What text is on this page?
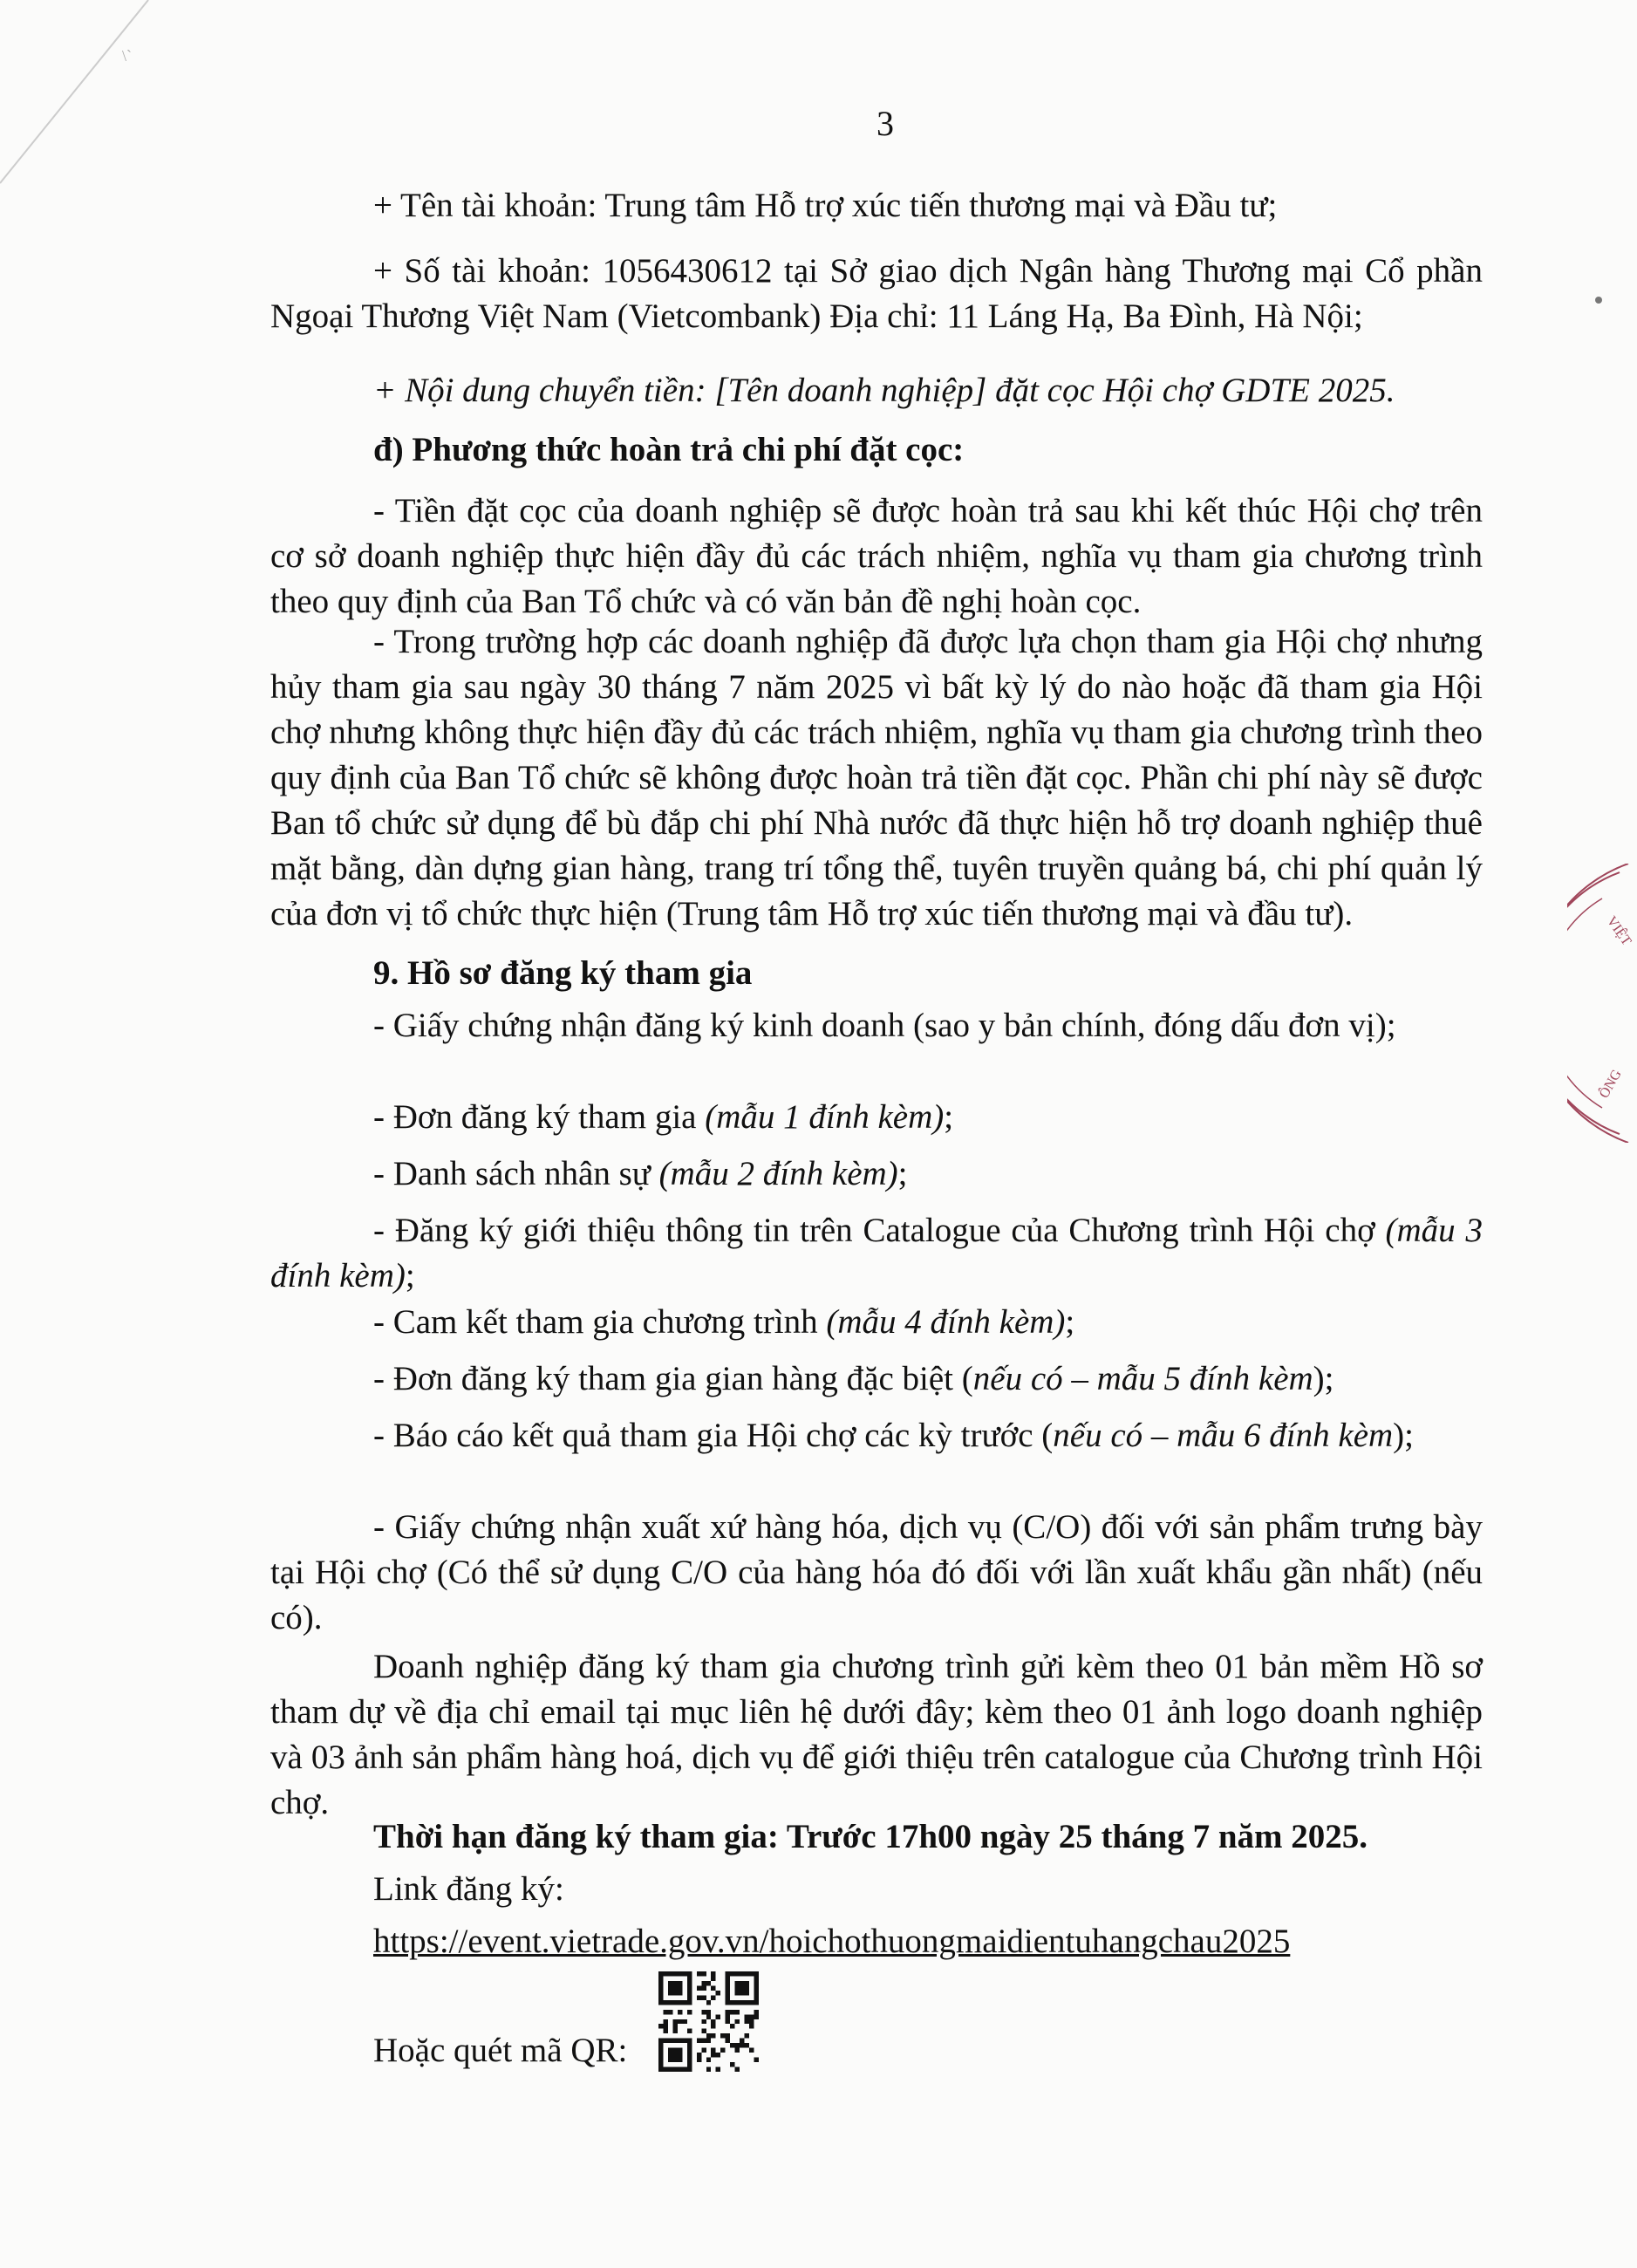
\`
3
+ Tên tài khoản: Trung tâm Hỗ trợ xúc tiến thương mại và Đầu tư;
+ Số tài khoản: 1056430612 tại Sở giao dịch Ngân hàng Thương mại Cổ phần Ngoại Thương Việt Nam (Vietcombank) Địa chỉ: 11 Láng Hạ, Ba Đình, Hà Nội;
+ Nội dung chuyển tiền: [Tên doanh nghiệp] đặt cọc Hội chợ GDTE 2025.
đ) Phương thức hoàn trả chi phí đặt cọc:
- Tiền đặt cọc của doanh nghiệp sẽ được hoàn trả sau khi kết thúc Hội chợ trên cơ sở doanh nghiệp thực hiện đầy đủ các trách nhiệm, nghĩa vụ tham gia chương trình theo quy định của Ban Tổ chức và có văn bản đề nghị hoàn cọc.
- Trong trường hợp các doanh nghiệp đã được lựa chọn tham gia Hội chợ nhưng hủy tham gia sau ngày 30 tháng 7 năm 2025 vì bất kỳ lý do nào hoặc đã tham gia Hội chợ nhưng không thực hiện đầy đủ các trách nhiệm, nghĩa vụ tham gia chương trình theo quy định của Ban Tổ chức sẽ không được hoàn trả tiền đặt cọc. Phần chi phí này sẽ được Ban tổ chức sử dụng để bù đắp chi phí Nhà nước đã thực hiện hỗ trợ doanh nghiệp thuê mặt bằng, dàn dựng gian hàng, trang trí tổng thể, tuyên truyền quảng bá, chi phí quản lý của đơn vị tổ chức thực hiện (Trung tâm Hỗ trợ xúc tiến thương mại và đầu tư).
9. Hồ sơ đăng ký tham gia
- Giấy chứng nhận đăng ký kinh doanh (sao y bản chính, đóng dấu đơn vị);
- Đơn đăng ký tham gia (mẫu 1 đính kèm);
- Danh sách nhân sự (mẫu 2 đính kèm);
- Đăng ký giới thiệu thông tin trên Catalogue của Chương trình Hội chợ (mẫu 3 đính kèm);
- Cam kết tham gia chương trình (mẫu 4 đính kèm);
- Đơn đăng ký tham gia gian hàng đặc biệt (nếu có – mẫu 5 đính kèm);
- Báo cáo kết quả tham gia Hội chợ các kỳ trước (nếu có – mẫu 6 đính kèm);
- Giấy chứng nhận xuất xứ hàng hóa, dịch vụ (C/O) đối với sản phẩm trưng bày tại Hội chợ (Có thể sử dụng C/O của hàng hóa đó đối với lần xuất khẩu gần nhất) (nếu có).
Doanh nghiệp đăng ký tham gia chương trình gửi kèm theo 01 bản mềm Hồ sơ tham dự về địa chỉ email tại mục liên hệ dưới đây; kèm theo 01 ảnh logo doanh nghiệp và 03 ảnh sản phẩm hàng hoá, dịch vụ để giới thiệu trên catalogue của Chương trình Hội chợ.
Thời hạn đăng ký tham gia: Trước 17h00 ngày 25 tháng 7 năm 2025.
Link đăng ký:
https://event.vietrade.gov.vn/hoichothuongmaidientuhangchau2025
Hoặc quét mã QR:
VIỆT
ÔNG
